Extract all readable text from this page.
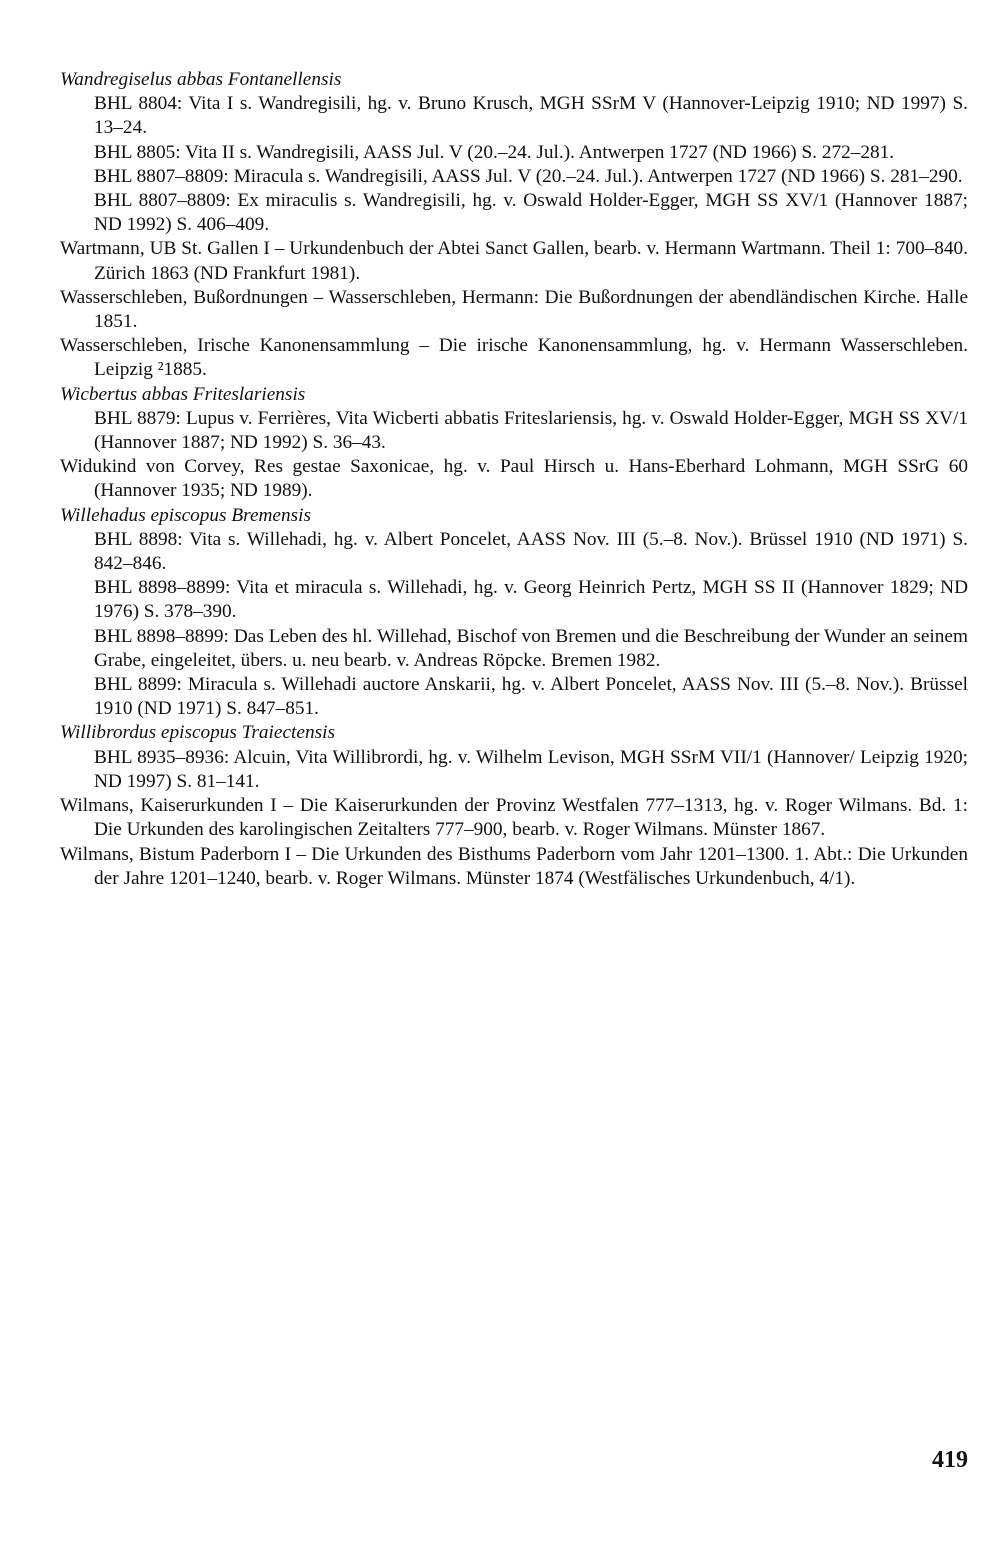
Wandregiselus abbas Fontanellensis

BHL 8804: Vita I s. Wandregisili, hg. v. Bruno Krusch, MGH SSrM V (Hannover-Leipzig 1910; ND 1997) S. 13–24.

BHL 8805: Vita II s. Wandregisili, AASS Jul. V (20.–24. Jul.). Antwerpen 1727 (ND 1966) S. 272–281.

BHL 8807–8809: Miracula s. Wandregisili, AASS Jul. V (20.–24. Jul.). Antwerpen 1727 (ND 1966) S. 281–290.

BHL 8807–8809: Ex miraculis s. Wandregisili, hg. v. Oswald Holder-Egger, MGH SS XV/1 (Hannover 1887; ND 1992) S. 406–409.

Wartmann, UB St. Gallen I – Urkundenbuch der Abtei Sanct Gallen, bearb. v. Hermann Wartmann. Theil 1: 700–840. Zürich 1863 (ND Frankfurt 1981).

Wasserschleben, Bußordnungen – Wasserschleben, Hermann: Die Bußordnungen der abendländischen Kirche. Halle 1851.

Wasserschleben, Irische Kanonensammlung – Die irische Kanonensammlung, hg. v. Hermann Wasserschleben. Leipzig ²1885.

Wicbertus abbas Friteslariensis

BHL 8879: Lupus v. Ferrières, Vita Wicberti abbatis Friteslariensis, hg. v. Oswald Holder-Egger, MGH SS XV/1 (Hannover 1887; ND 1992) S. 36–43.

Widukind von Corvey, Res gestae Saxonicae, hg. v. Paul Hirsch u. Hans-Eberhard Lohmann, MGH SSrG 60 (Hannover 1935; ND 1989).

Willehadus episcopus Bremensis

BHL 8898: Vita s. Willehadi, hg. v. Albert Poncelet, AASS Nov. III (5.–8. Nov.). Brüssel 1910 (ND 1971) S. 842–846.

BHL 8898–8899: Vita et miracula s. Willehadi, hg. v. Georg Heinrich Pertz, MGH SS II (Hannover 1829; ND 1976) S. 378–390.

BHL 8898–8899: Das Leben des hl. Willehad, Bischof von Bremen und die Beschreibung der Wunder an seinem Grabe, eingeleitet, übers. u. neu bearb. v. Andreas Röpcke. Bremen 1982.

BHL 8899: Miracula s. Willehadi auctore Anskarii, hg. v. Albert Poncelet, AASS Nov. III (5.–8. Nov.). Brüssel 1910 (ND 1971) S. 847–851.

Willibrordus episcopus Traiectensis

BHL 8935–8936: Alcuin, Vita Willibrordi, hg. v. Wilhelm Levison, MGH SSrM VII/1 (Hannover/ Leipzig 1920; ND 1997) S. 81–141.

Wilmans, Kaiserurkunden I – Die Kaiserurkunden der Provinz Westfalen 777–1313, hg. v. Roger Wilmans. Bd. 1: Die Urkunden des karolingischen Zeitalters 777–900, bearb. v. Roger Wilmans. Münster 1867.

Wilmans, Bistum Paderborn I – Die Urkunden des Bisthums Paderborn vom Jahr 1201–1300. 1. Abt.: Die Urkunden der Jahre 1201–1240, bearb. v. Roger Wilmans. Münster 1874 (Westfälisches Urkundenbuch, 4/1).

419
